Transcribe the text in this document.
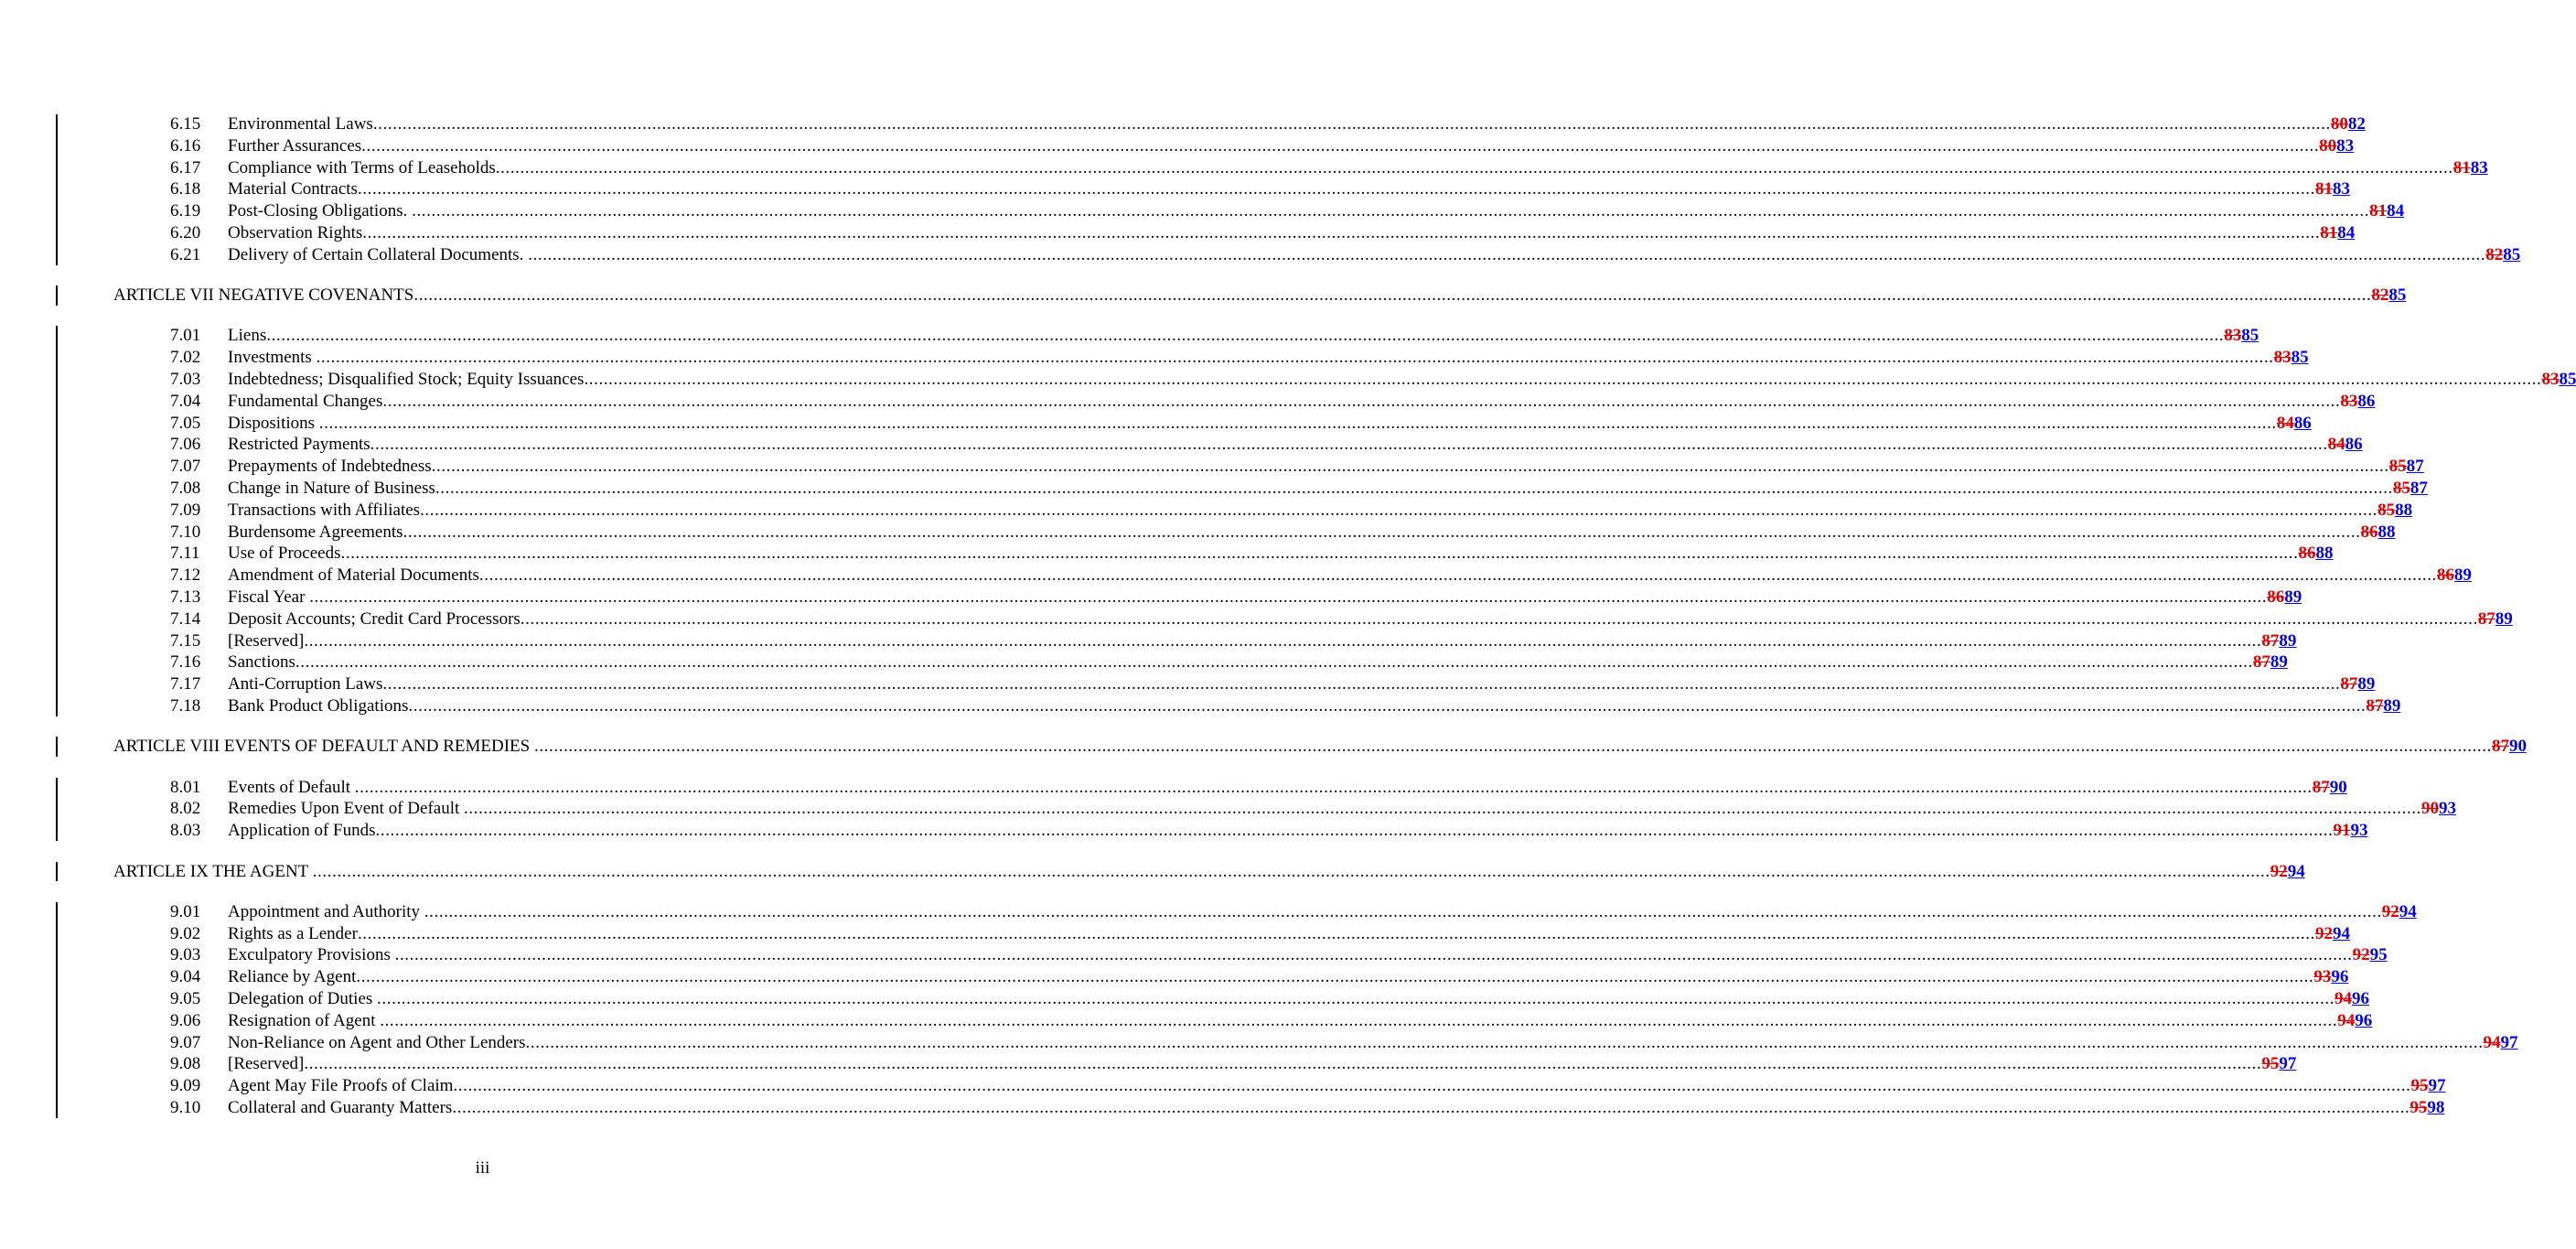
6.15 Environmental Laws ................................................................................................................................................................................................................................................................................................................................................................................................................ 8082
6.16 Further Assurances ................................................................................................................................................................................................................................................................................................................................................................................................................ 8083
6.17 Compliance with Terms of Leaseholds ................................................................................................................................................................................................................................................................................................................................................................................................................ 8183
6.18 Material Contracts ................................................................................................................................................................................................................................................................................................................................................................................................................ 8183
6.19 Post-Closing Obligations. ................................................................................................................................................................................................................................................................................................................................................................................................................ 8184
6.20 Observation Rights ................................................................................................................................................................................................................................................................................................................................................................................................................ 8184
6.21 Delivery of Certain Collateral Documents. ................................................................................................................................................................................................................................................................................................................................................................................................................ 8285
ARTICLE VII NEGATIVE COVENANTS ................................................................................................................................................................................................................................................................................................................................................................................................................ 8285
7.01 Liens ................................................................................................................................................................................................................................................................................................................................................................................................................ 8385
7.02 Investments ................................................................................................................................................................................................................................................................................................................................................................................................................ 8385
7.03 Indebtedness; Disqualified Stock; Equity Issuances ................................................................................................................................................................................................................................................................................................................................................................................................................ 8385
7.04 Fundamental Changes ................................................................................................................................................................................................................................................................................................................................................................................................................ 8386
7.05 Dispositions ................................................................................................................................................................................................................................................................................................................................................................................................................ 8486
7.06 Restricted Payments ................................................................................................................................................................................................................................................................................................................................................................................................................ 8486
7.07 Prepayments of Indebtedness ................................................................................................................................................................................................................................................................................................................................................................................................................ 8587
7.08 Change in Nature of Business ................................................................................................................................................................................................................................................................................................................................................................................................................ 8587
7.09 Transactions with Affiliates ................................................................................................................................................................................................................................................................................................................................................................................................................ 8588
7.10 Burdensome Agreements ................................................................................................................................................................................................................................................................................................................................................................................................................ 8688
7.11 Use of Proceeds ................................................................................................................................................................................................................................................................................................................................................................................................................ 8688
7.12 Amendment of Material Documents ................................................................................................................................................................................................................................................................................................................................................................................................................ 8689
7.13 Fiscal Year ................................................................................................................................................................................................................................................................................................................................................................................................................ 8689
7.14 Deposit Accounts; Credit Card Processors ................................................................................................................................................................................................................................................................................................................................................................................................................ 8789
7.15 [Reserved] ................................................................................................................................................................................................................................................................................................................................................................................................................ 8789
7.16 Sanctions ................................................................................................................................................................................................................................................................................................................................................................................................................ 8789
7.17 Anti-Corruption Laws ................................................................................................................................................................................................................................................................................................................................................................................................................ 8789
7.18 Bank Product Obligations ................................................................................................................................................................................................................................................................................................................................................................................................................ 8789
ARTICLE VIII EVENTS OF DEFAULT AND REMEDIES ................................................................................................................................................................................................................................................................................................................................................................................................................ 8790
8.01 Events of Default ................................................................................................................................................................................................................................................................................................................................................................................................................ 8790
8.02 Remedies Upon Event of Default ................................................................................................................................................................................................................................................................................................................................................................................................................ 9093
8.03 Application of Funds ................................................................................................................................................................................................................................................................................................................................................................................................................ 9193
ARTICLE IX THE AGENT ................................................................................................................................................................................................................................................................................................................................................................................................................ 9294
9.01 Appointment and Authority ................................................................................................................................................................................................................................................................................................................................................................................................................ 9294
9.02 Rights as a Lender ................................................................................................................................................................................................................................................................................................................................................................................................................ 9294
9.03 Exculpatory Provisions ................................................................................................................................................................................................................................................................................................................................................................................................................ 9295
9.04 Reliance by Agent ................................................................................................................................................................................................................................................................................................................................................................................................................ 9396
9.05 Delegation of Duties ................................................................................................................................................................................................................................................................................................................................................................................................................ 9496
9.06 Resignation of Agent ................................................................................................................................................................................................................................................................................................................................................................................................................ 9496
9.07 Non-Reliance on Agent and Other Lenders ................................................................................................................................................................................................................................................................................................................................................................................................................ 9497
9.08 [Reserved] ................................................................................................................................................................................................................................................................................................................................................................................................................ 9597
9.09 Agent May File Proofs of Claim ................................................................................................................................................................................................................................................................................................................................................................................................................ 9597
9.10 Collateral and Guaranty Matters ................................................................................................................................................................................................................................................................................................................................................................................................................ 9598
iii
